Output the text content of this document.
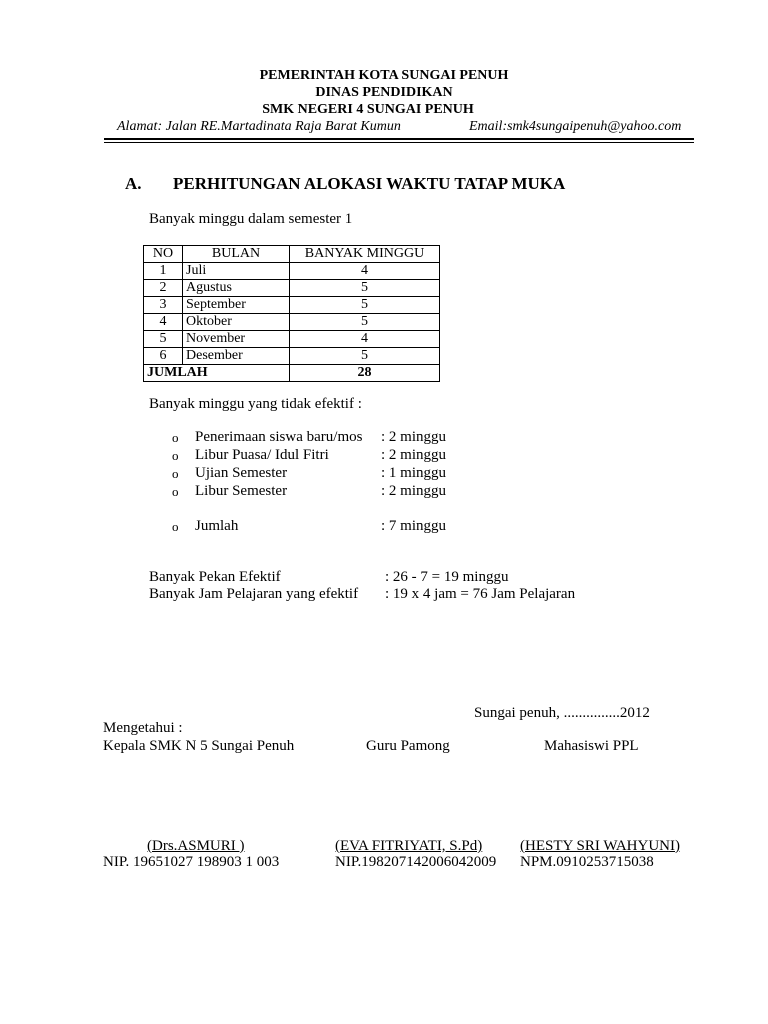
PEMERINTAH KOTA SUNGAI PENUH
DINAS PENDIDIKAN
SMK NEGERI 4 SUNGAI PENUH
Alamat: Jalan RE.Martadinata Raja Barat Kumun	Email:smk4sungaipenuh@yahoo.com
A. PERHITUNGAN ALOKASI WAKTU TATAP MUKA
Banyak minggu dalam semester 1
NO	BULAN	BANYAK MINGGU
1	Juli	4
2	Agustus	5
3	September	5
4	Oktober	5
5	November	4
6	Desember	5
JUMLAH		28
Banyak minggu yang tidak efektif :
o Penerimaan siswa baru/mos : 2 minggu
o Libur Puasa/ Idul Fitri	: 2 minggu
o Ujian Semester	: 1 minggu
o Libur Semester	: 2 minggu
o Jumlah	: 7 minggu
Banyak Pekan Efektif	: 26 - 7 = 19 minggu
Banyak Jam Pelajaran yang efektif : 19 x 4 jam = 76 Jam Pelajaran
Sungai penuh, ...............2012
Mengetahui :
Kepala SMK N 5 Sungai Penuh	Guru Pamong	Mahasiswi PPL
(Drs.ASMURI )	(EVA FITRIYATI, S.Pd)	(HESTY SRI WAHYUNI)
NIP. 19651027 198903 1 003	NIP.198207142006042009 NPM.0910253715038
